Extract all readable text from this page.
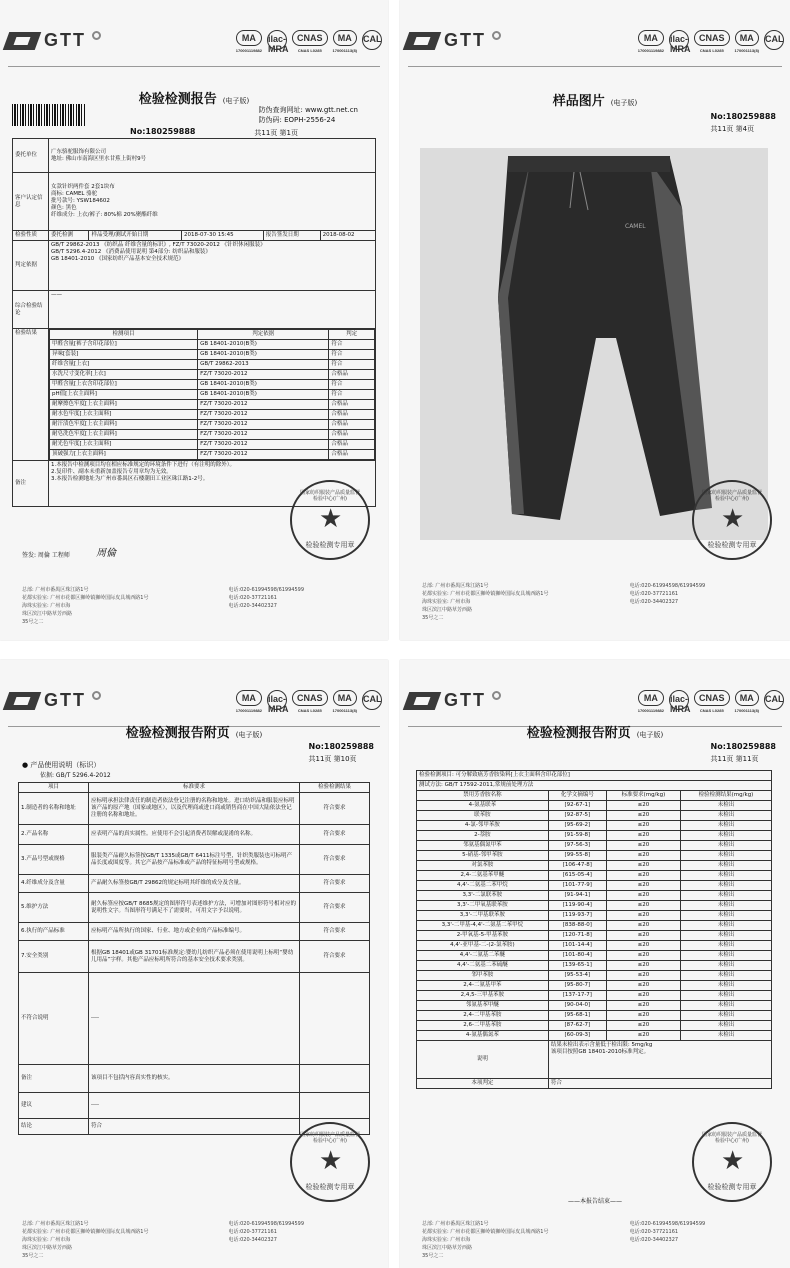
GTT	MA
170001119882
ilac-MRA
CNAS
CNAS L0285
MA
170001113(8)
CAL
检验检测报告 (电子版)
防伪查询网址: www.gtt.net.cn
防伪码: EOPH-2556-24
No:180259888	共11页 第1页
委托单位	广东骆驼服饰有限公司
地址: 佛山市南海区里水甘蕉上街村9号
客户认定信息	女款针织两件套 2套1块布
商标: CAMEL 骆驼
批号款号: YSW184602
颜色: 黑色
纤维成分: 上衣/裤子: 80%棉 20%聚酯纤维
检验性质	委托检测	样品受理/测试开始日期	2018-07-30 15:45	报告签发日期	2018-08-02
判定依据	GB/T 29862-2013 《纺织品 纤维含量的标识》, FZ/T 73020-2012 《针织休闲服装》
GB/T 5296.4-2012 《消费品使用说明 第4部分: 纺织品和服装》
GB 18401-2010 《国家纺织产品基本安全技术规范》
综合检验结论	——
检验结果		检测项目	判定依据	判定
甲醛含量[裤子含印花部位]	GB 18401-2010(B类)	符合
异味[套装]	GB 18401-2010(B类)	符合
纤维含量[上衣]	GB/T 29862-2013	符合
水洗尺寸变化率[上衣]	FZ/T 73020-2012	合格品
甲醛含量[上衣含印花部位]	GB 18401-2010(B类)	符合
pH值[上衣主面料]	GB 18401-2010(B类)	符合
耐摩擦色牢度[上衣主面料]	FZ/T 73020-2012	合格品
耐水色牢度[上衣主面料]	FZ/T 73020-2012	合格品
耐汗渍色牢度[上衣主面料]	FZ/T 73020-2012	合格品
耐皂洗色牢度[上衣主面料]	FZ/T 73020-2012	合格品
耐光色牢度[上衣主面料]	FZ/T 73020-2012	合格品
顶破强力[上衣主面料]	FZ/T 73020-2012	合格品

备注	1.本报告中检测项目均在相应标准规定的环境条件下进行（有注明的除外）。
2.复印件、副本未重新加盖报告专用章均为无效。
3.本报告检测地址为广州市番禺区石楼潮田工业区珠江路1-2号。
签发: 周倫 工程师	周倫
国家纺织服装产品质量监督检验中心(广州)
★
检验检测专用章
总部: 广州市番禺区珠江路1号
花都实验室: 广州市花都区狮岭镇狮岭国际皮具城西路1号
海珠实验室: 广州市海珠区滨江中路草芳西路35号之二
电话:020-61994598/61994599
电话:020-37721161
电话:020-34402327
GTT	MA
170001119882
ilac-MRA
CNAS
CNAS L0285
MA
170001113(8)
CAL
样品图片 (电子版)
No:180259888
共11页 第4页
CAMEL
国家纺织服装产品质量监督检验中心(广州)
★
检验检测专用章
总部: 广州市番禺区珠江路1号
花都实验室: 广州市花都区狮岭镇狮岭国际皮具城西路1号
海珠实验室: 广州市海珠区滨江中路草芳西路35号之二
电话:020-61994598/61994599
电话:020-37721161
电话:020-34402327
GTT	MA
170001119882
ilac-MRA
CNAS
CNAS L0285
MA
170001113(8)
CAL
检验检测报告附页 (电子版)
No:180259888
共11页 第10页
● 产品使用说明（标识）
依据: GB/T 5296.4-2012
项目	标准要求	检验检测结果
1.制造者的名称和地址	应标明承担法律责任的制造者依法登记注册的名称和地址。进口纺织品和服装应标明该产品的原产地（国家或地区），以及代理商或进口商或销售商在中国大陆依法登记注册的名称和地址。	符合要求
2.产品名称	应表明产品的真实属性。应使用不会引起消费者误解或混淆的名称。	符合要求
3.产品号型或规格	服装类产品耐久标签按GB/T 1335或GB/T 6411标注号型，针织类服装也可标明产品长度或围度等。其它产品按产品标准或产品的特征标明号型或规格。	符合要求
4.纤维成分及含量	产品耐久标签按GB/T 29862的规定标明其纤维的成分及含量。	符合要求
5.维护方法	耐久标签应按GB/T 8685规定的图形符号表述维护方法，可增加对图形符号相对应的说明性文字。当图形符号满足不了需要时，可用文字予以说明。	符合要求
6.执行的产品标准	应标明产品所执行的国家、行业、地方或企业的产品标准编号。	符合要求
7.安全类别	根据GB 18401或GB 31701标准规定:婴幼儿纺织产品必须在使用说明上标明“婴幼儿用品”字样。其他产品应标明所符合的基本安全技术要求类别。	符合要求
不符合说明	----	
备注	该项目不包括内容真实性的核实。	
建议	----	
结论	符合	
国家纺织服装产品质量监督检验中心(广州)
★
检验检测专用章
总部: 广州市番禺区珠江路1号
花都实验室: 广州市花都区狮岭镇狮岭国际皮具城西路1号
海珠实验室: 广州市海珠区滨江中路草芳西路35号之二
电话:020-61994598/61994599
电话:020-37721161
电话:020-34402327
GTT	MA
170001119882
ilac-MRA
CNAS
CNAS L0285
MA
170001113(8)
CAL
检验检测报告附页 (电子版)
No:180259888
共11页 第11页
检验检测项目: 可分解致癌芳香胺染料[上衣主面料含印花部位]			
测试方法: GB/T 17592-2011,常规前处理方法			
禁用芳香胺名称	化学文摘编号	标准要求(mg/kg)	检验检测结果(mg/kg)
4-氨基联苯	[92-67-1]	≤20	未检出
联苯胺	[92-87-5]	≤20	未检出
4-氯-邻甲苯胺	[95-69-2]	≤20	未检出
2-萘胺	[91-59-8]	≤20	未检出
邻氨基偶氮甲苯	[97-56-3]	≤20	未检出
5-硝基-邻甲苯胺	[99-55-8]	≤20	未检出
对氯苯胺	[106-47-8]	≤20	未检出
2,4-二氨基苯甲醚	[615-05-4]	≤20	未检出
4,4'-二氨基二苯甲烷	[101-77-9]	≤20	未检出
3,3'-二氯联苯胺	[91-94-1]	≤20	未检出
3,3'-二甲氧基联苯胺	[119-90-4]	≤20	未检出
3,3'-二甲基联苯胺	[119-93-7]	≤20	未检出
3,3'-二甲基-4,4'-二氨基二苯甲烷	[838-88-0]	≤20	未检出
2-甲氧基-5-甲基苯胺	[120-71-8]	≤20	未检出
4,4'-亚甲基-二-(2-氯苯胺)	[101-14-4]	≤20	未检出
4,4'-二氨基二苯醚	[101-80-4]	≤20	未检出
4,4'-二氨基二苯硫醚	[139-65-1]	≤20	未检出
邻甲苯胺	[95-53-4]	≤20	未检出
2,4-二氨基甲苯	[95-80-7]	≤20	未检出
2,4,5-三甲基苯胺	[137-17-7]	≤20	未检出
邻氨基苯甲醚	[90-04-0]	≤20	未检出
2,4-二甲基苯胺	[95-68-1]	≤20	未检出
2,6-二甲基苯胺	[87-62-7]	≤20	未检出
4-氨基偶氮苯	[60-09-3]	≤20	未检出
说明	结果未检出表示含量低于检出限: 5mg/kg
该项目按照GB 18401-2010标准判定。		
本项判定	符合		
国家纺织服装产品质量监督检验中心(广州)
★
检验检测专用章
——本报告结束——
总部: 广州市番禺区珠江路1号
花都实验室: 广州市花都区狮岭镇狮岭国际皮具城西路1号
海珠实验室: 广州市海珠区滨江中路草芳西路35号之二
电话:020-61994598/61994599
电话:020-37721161
电话:020-34402327
